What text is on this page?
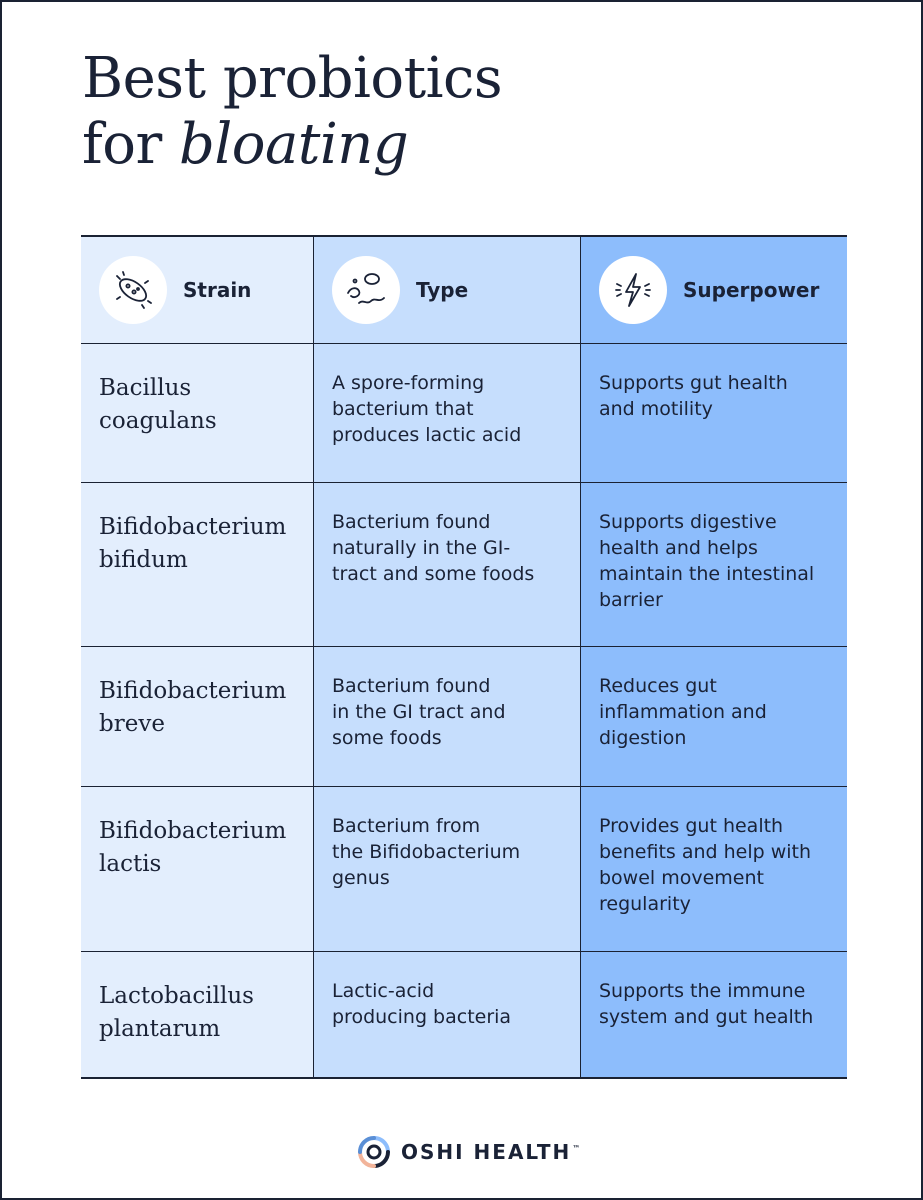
Best probiotics
for bloating
Strain	Type	Superpower
Bacillus
coagulans
A spore-forming
bacterium that
produces lactic acid
Supports gut health
and motility
Bifidobacterium
bifidum
Bacterium found
naturally in the GI-
tract and some foods
Supports digestive
health and helps
maintain the intestinal
barrier
Bifidobacterium
breve
Bacterium found
in the GI tract and
some foods
Reduces gut
inflammation and
digestion
Bifidobacterium
lactis
Bacterium from
the Bifidobacterium
genus
Provides gut health
benefits and help with
bowel movement
regularity
Lactobacillus
plantarum
Lactic-acid
producing bacteria
Supports the immune
system and gut health
OSHI HEALTH™
